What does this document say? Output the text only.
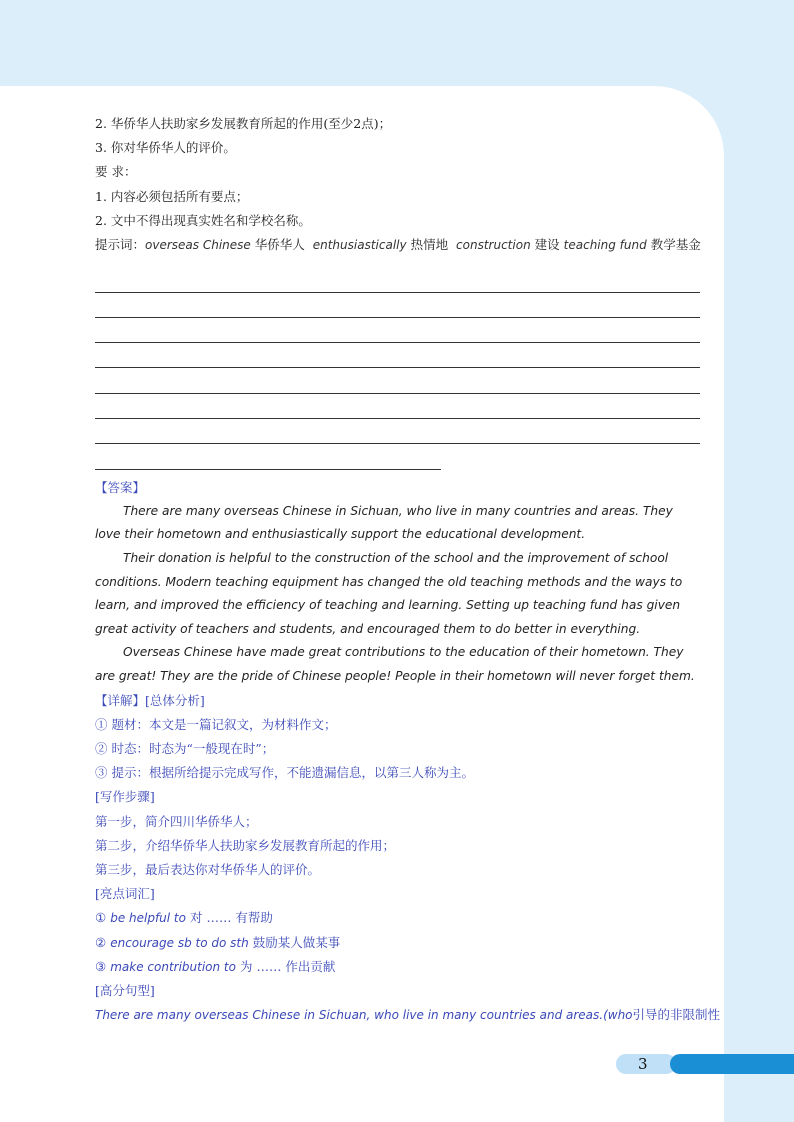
2. 华侨华人扶助家乡发展教育所起的作用(至少2点)；
3. 你对华侨华人的评价。
要 求：
1. 内容必须包括所有要点；
2. 文中不得出现真实姓名和学校名称。
提示词：overseas Chinese 华侨华人 enthusiastically 热情地 construction 建设 teaching fund 教学基金
【答案】
There are many overseas Chinese in Sichuan, who live in many countries and areas. They love their hometown and enthusiastically support the educational development.
Their donation is helpful to the construction of the school and the improvement of school conditions. Modern teaching equipment has changed the old teaching methods and the ways to learn, and improved the efficiency of teaching and learning. Setting up teaching fund has given great activity of teachers and students, and encouraged them to do better in everything.
Overseas Chinese have made great contributions to the education of their hometown. They are great! They are the pride of Chinese people! People in their hometown will never forget them.
【详解】[总体分析]
① 题材：本文是一篇记叙文，为材料作文；
② 时态：时态为“一般现在时”；
③ 提示：根据所给提示完成写作，不能遗漏信息，以第三人称为主。
[写作步骤]
第一步，简介四川华侨华人；
第二步，介绍华侨华人扶助家乡发展教育所起的作用；
第三步，最后表达你对华侨华人的评价。
[亮点词汇]
① be helpful to 对 …… 有帮助
② encourage sb to do sth 鼓励某人做某事
③ make contribution to 为 …… 作出贡献
[高分句型]
There are many overseas Chinese in Sichuan, who live in many countries and areas.(who引导的非限制性
3
